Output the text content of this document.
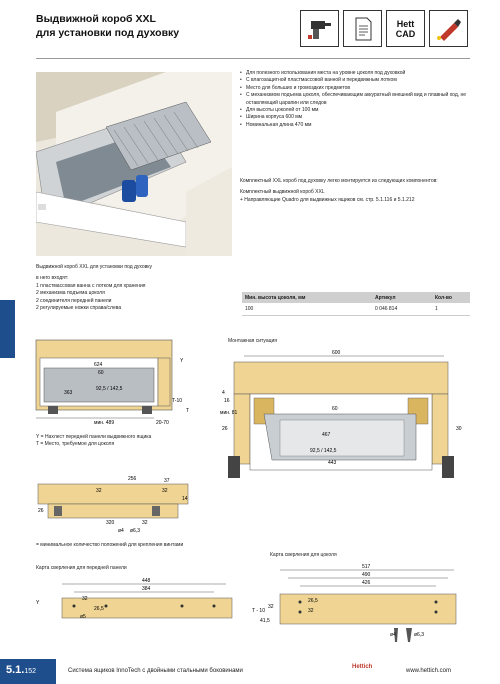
Выдвижной короб XXL
для установки под духовку
Hett
CAD
• Для полезного использования места на уровне цоколя под духовкой
• С влагозащитной пластмассовой ванной и передвижным лотком
• Место для больших и громоздких предметов
• С механизмом подъема цоколя, обеспечивающим аккуратный внешний вид и плавный ход, не оставляющий царапин или следов
• Для высоты цоколей от 100 мм
• Ширина корпуса 600 мм
• Номинальная длина 470 мм
Комплектный XXL короб под духовку легко монтируется из следующих компонентов:
Комплектный выдвижной короб XXL
+ Направляющие Quadro для выдвижных ящиков см. стр. 5.1.116 и 5.1.212
Выдвижной короб XXL для установки под духовку
в него входят:
1 пластмассовая ванна с лотком для хранения
2 механизма подъема цоколя
2 соединителя передней панели
2 регулируемые ножки справа/слева
Мин. высота цоколя, мм	Артикул	Кол-во
100	0 046 814	1
624
60
363
92,5 / 142,5
мин. 489
T-10
T
20-70
Y
Y = Нахлест передней панели выдвижного ящика
T = Место, требуемое для цоколя
Монтажная ситуация
600
60
467
92,5 / 142,5
443
мин. 81
4
16
26	30
256	37
32	32
26
320	32
14
ø4 ø6,3
= минимальное количество положений для крепления винтами
Карта сверления для передней панели
448
384
32
26,5
ø5
Y
Карта сверления для цоколя
517
490
426
26,5
32
T - 10
32
41,5
ø4	ø6,3
5.1.152	Система ящиков InnoTech с двойными стальными боковинами
Hettich
www.hettich.com
